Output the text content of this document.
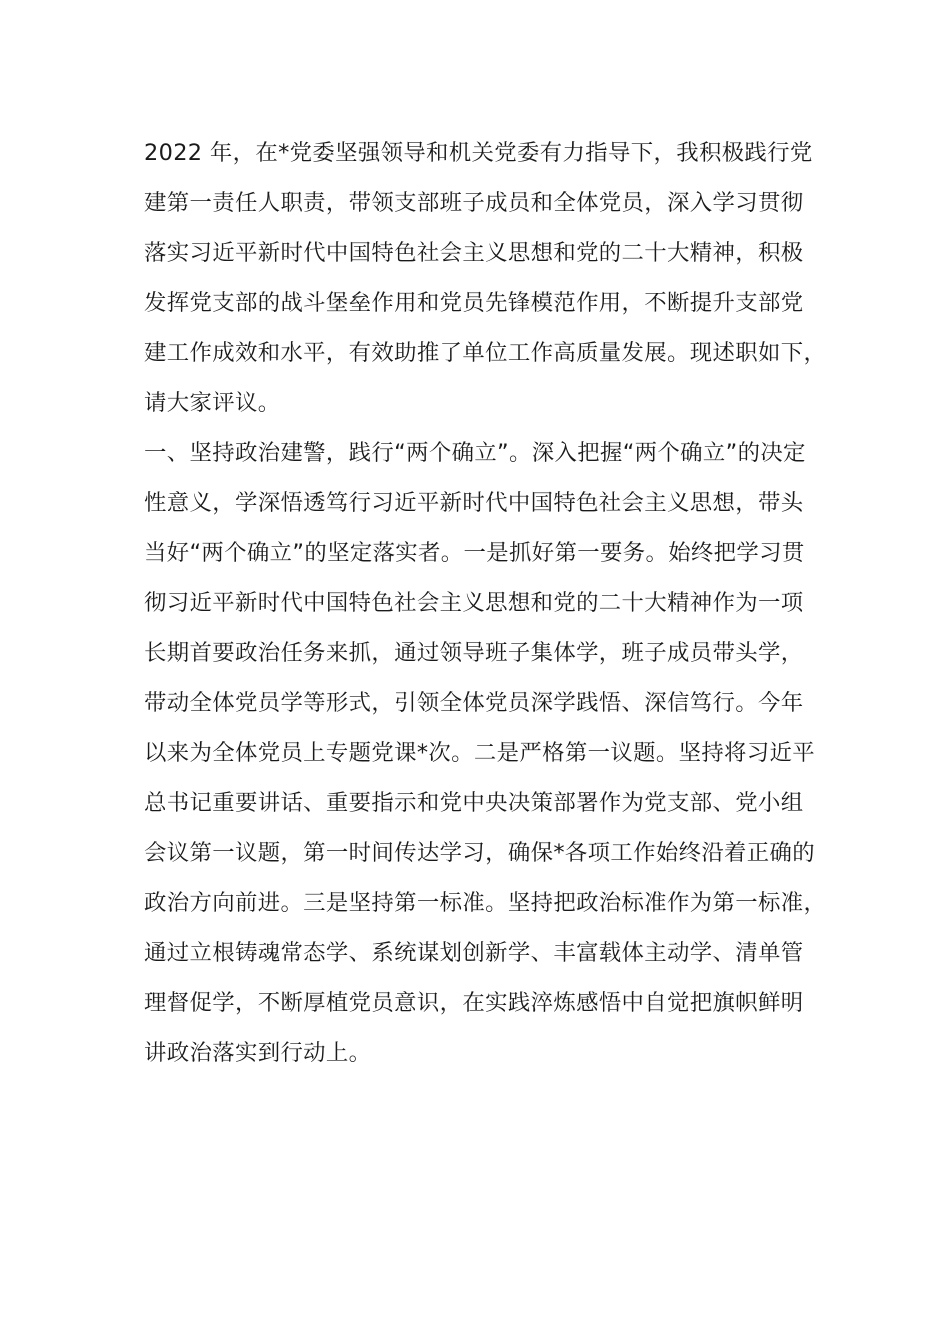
2022 年，在*党委坚强领导和机关党委有力指导下，我积极践行党
建第一责任人职责，带领支部班子成员和全体党员，深入学习贯彻
落实习近平新时代中国特色社会主义思想和党的二十大精神，积极
发挥党支部的战斗堡垒作用和党员先锋模范作用，不断提升支部党
建工作成效和水平，有效助推了单位工作高质量发展。现述职如下，
请大家评议。
一、坚持政治建警，践行“两个确立”。深入把握“两个确立”的决定
性意义，学深悟透笃行习近平新时代中国特色社会主义思想，带头
当好“两个确立”的坚定落实者。一是抓好第一要务。始终把学习贯
彻习近平新时代中国特色社会主义思想和党的二十大精神作为一项
长期首要政治任务来抓，通过领导班子集体学，班子成员带头学，
带动全体党员学等形式，引领全体党员深学践悟、深信笃行。今年
以来为全体党员上专题党课*次。二是严格第一议题。坚持将习近平
总书记重要讲话、重要指示和党中央决策部署作为党支部、党小组
会议第一议题，第一时间传达学习，确保*各项工作始终沿着正确的
政治方向前进。三是坚持第一标准。坚持把政治标准作为第一标准，
通过立根铸魂常态学、系统谋划创新学、丰富载体主动学、清单管
理督促学，不断厚植党员意识，在实践淬炼感悟中自觉把旗帜鲜明
讲政治落实到行动上。
